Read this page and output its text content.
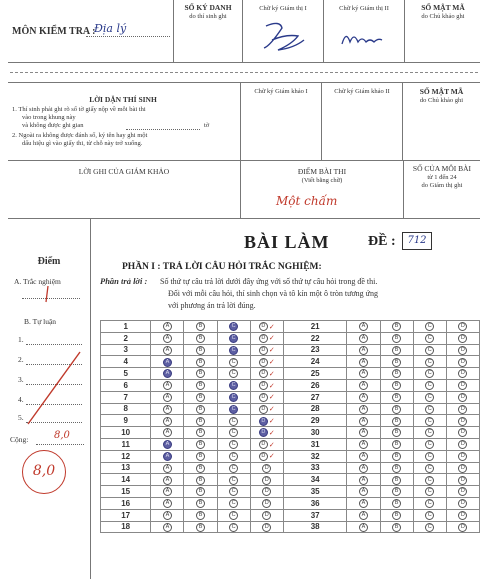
MÔN KIỂM TRA :
Địa lý
SỐ KÝ DANH
do thí sinh ghi
Chữ ký Giám thị I	Chữ ký Giám thị II	SỐ MẬT MÃ
do Chủ khảo ghi
LỜI DẶN THÍ SINH
1. Thí sinh phải ghi rõ số tờ giấy nộp về mỗi bài thi
vào trong khung này
và không được ghi gian	tờ
2. Ngoài ra không được đánh số, ký tên hay ghi một
dấu hiệu gì vào giấy thi, từ chỗ này trở xuống.
Chữ ký Giám khảo I	Chữ ký Giám khảo II	SỐ MẬT MÃ
do Chủ khảo ghi
LỜI GHI CỦA GIÁM KHẢO	ĐIỂM BÀI THI
(Viết bằng chữ)
Một chấm
SỐ CỦA MỖI BÀI
từ 1 đến 24
do Giám thị ghi
Điểm
A. Trắc nghiệm
B. Tự luận
1.
2.
3.
4.
5.
Cộng:	8,0
8,0
BÀI LÀM	ĐỀ :	712
PHẦN I : TRẢ LỜI CÂU HỎI TRẮC NGHIỆM:
Phần trả lời : Số thứ tự câu trả lời dưới đây ứng với số thứ tự câu hỏi trong đề thi.
Đối với mỗi câu hỏi, thí sinh chọn và tô kín một ô tròn tương ứng
với phương án trả lời đúng.
1	A	B	C	D ✓	21	A	B	C	D
2	A	B	C	D ✓	22	A	B	C	D
3	A	B	C	D ✓	23	A	B	C	D
4	A	B	C	D ✓	24	A	B	C	D
5	A	B	C	D ✓	25	A	B	C	D
6	A	B	C	D ✓	26	A	B	C	D
7	A	B	C	D ✓	27	A	B	C	D
8	A	B	C	D ✓	28	A	B	C	D
9	A	B	C	D ✓	29	A	B	C	D
10	A	B	C	D ✓	30	A	B	C	D
11	A	B	C	D ✓	31	A	B	C	D
12	A	B	C	D ✓	32	A	B	C	D
13	A	B	C	D	33	A	B	C	D
14	A	B	C	D	34	A	B	C	D
15	A	B	C	D	35	A	B	C	D
16	A	B	C	D	36	A	B	C	D
17	A	B	C	D	37	A	B	C	D
18	A	B	C	D	38	A	B	C	D
